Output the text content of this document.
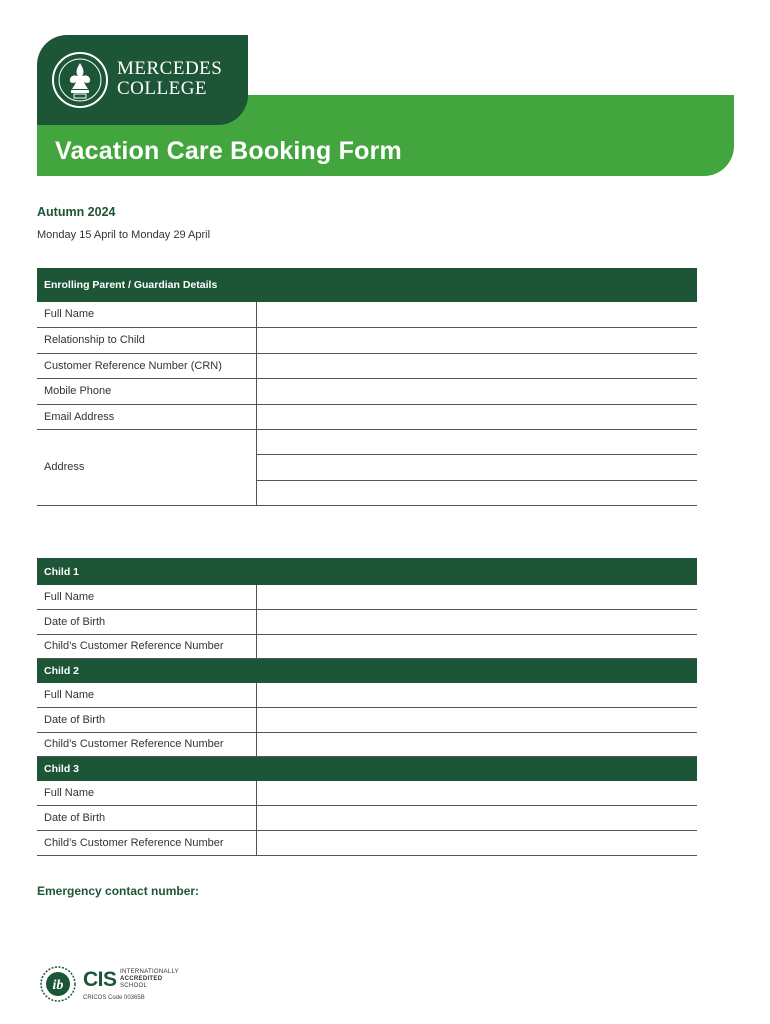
Vacation Care Booking Form
MERCEDES
COLLEGE
Autumn 2024
Monday 15 April to Monday 29 April
Enrolling Parent / Guardian Details	
Full Name	
Relationship to Child	
Customer Reference Number (CRN)	
Mobile Phone	
Email Address	
Address	

Child 1	
Full Name	
Date of Birth	
Child’s Customer Reference Number	
Child 2	
Full Name	
Date of Birth	
Child’s Customer Reference Number	
Child 3	
Full Name	
Date of Birth	
Child’s Customer Reference Number	
Emergency contact number:
ib CIS INTERNATIONALLY
ACCREDITED
SCHOOL
CRICOS Code 00365B
